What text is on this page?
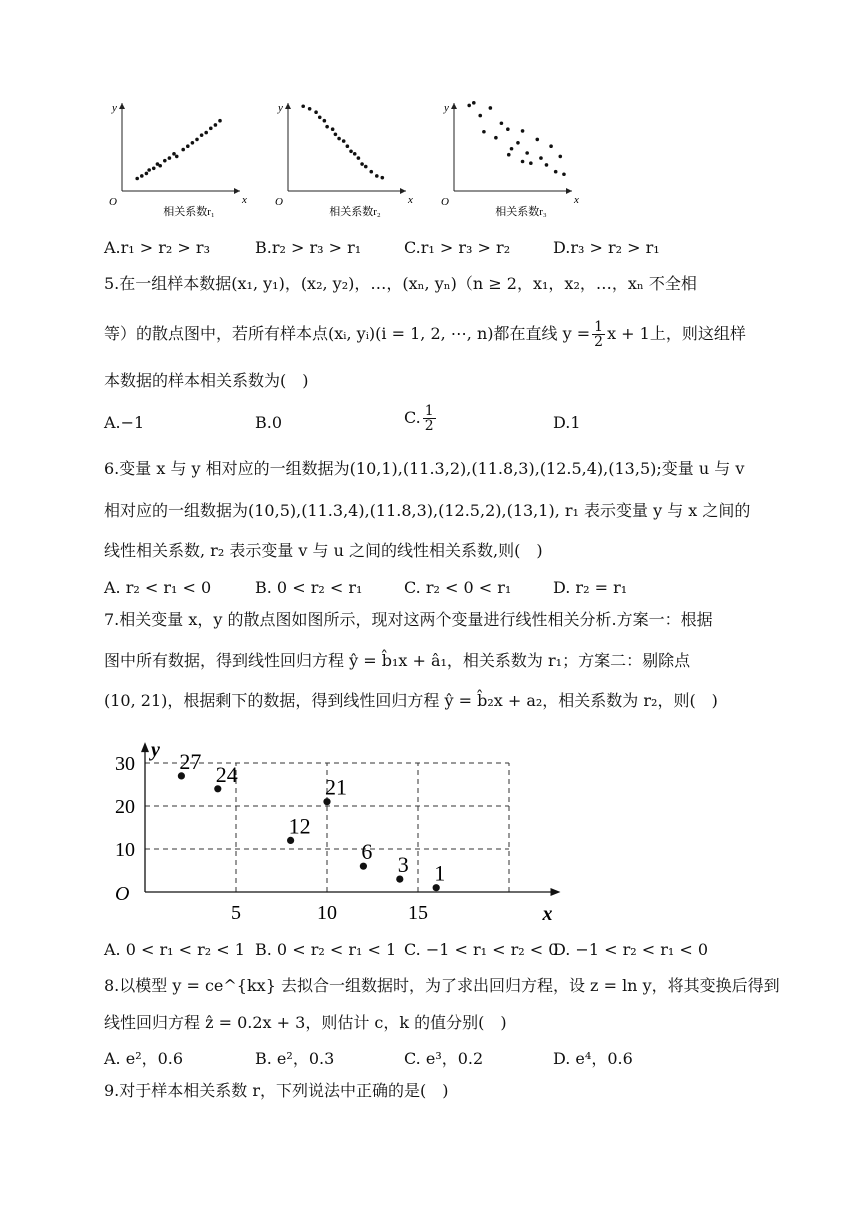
y
x
O
相关系数r₁
y
x
O
相关系数r₂
y
x
O
相关系数r₃
A.r₁ > r₂ > r₃	B.r₂ > r₃ > r₁	C.r₁ > r₃ > r₂	D.r₃ > r₂ > r₁
5.在一组样本数据(x₁, y₁)，(x₂, y₂)，…，(xₙ, yₙ)（n ≥ 2，x₁，x₂，…，xₙ 不全相
等）的散点图中，若所有样本点(xᵢ, yᵢ)(i = 1, 2, ⋯, n)都在直线 $y = \frac{1}{2}$ x + 1上，则这组样
本数据的样本相关系数为(　)
A.−1	B.0	C. $\frac{1}{2}$	D.1
6.变量 x 与 y 相对应的一组数据为(10,1),(11.3,2),(11.8,3),(12.5,4),(13,5);变量 u 与 v
相对应的一组数据为(10,5),(11.3,4),(11.8,3),(12.5,2),(13,1), r₁ 表示变量 y 与 x 之间的
线性相关系数, r₂ 表示变量 v 与 u 之间的线性相关系数,则(　)
A. r₂ < r₁ < 0	B. 0 < r₂ < r₁	C. r₂ < 0 < r₁	D. r₂ = r₁
7.相关变量 x，y 的散点图如图所示，现对这两个变量进行线性相关分析.方案一：根据
图中所有数据，得到线性回归方程 ŷ = b̂₁x + â₁，相关系数为 r₁；方案二：剔除点
(10, 21)，根据剩下的数据，得到线性回归方程 ŷ = b̂₂x + a₂，相关系数为 r₂，则(　)
y
x
O
10
20
30
5	10	15
27
24
12
21
6
3 1
A. 0 < r₁ < r₂ < 1 B. 0 < r₂ < r₁ < 1 C. −1 < r₁ < r₂ < 0
D. −1 < r₂ < r₁ < 0
8.以模型 y = ce^{kx} 去拟合一组数据时，为了求出回归方程，设 z = ln y，将其变换后得到
线性回归方程 ẑ = 0.2x + 3，则估计 c，k 的值分别(　)
A. e²，0.6	B. e²，0.3	C. e³，0.2	D. e⁴，0.6
9.对于样本相关系数 r，下列说法中正确的是(　)
